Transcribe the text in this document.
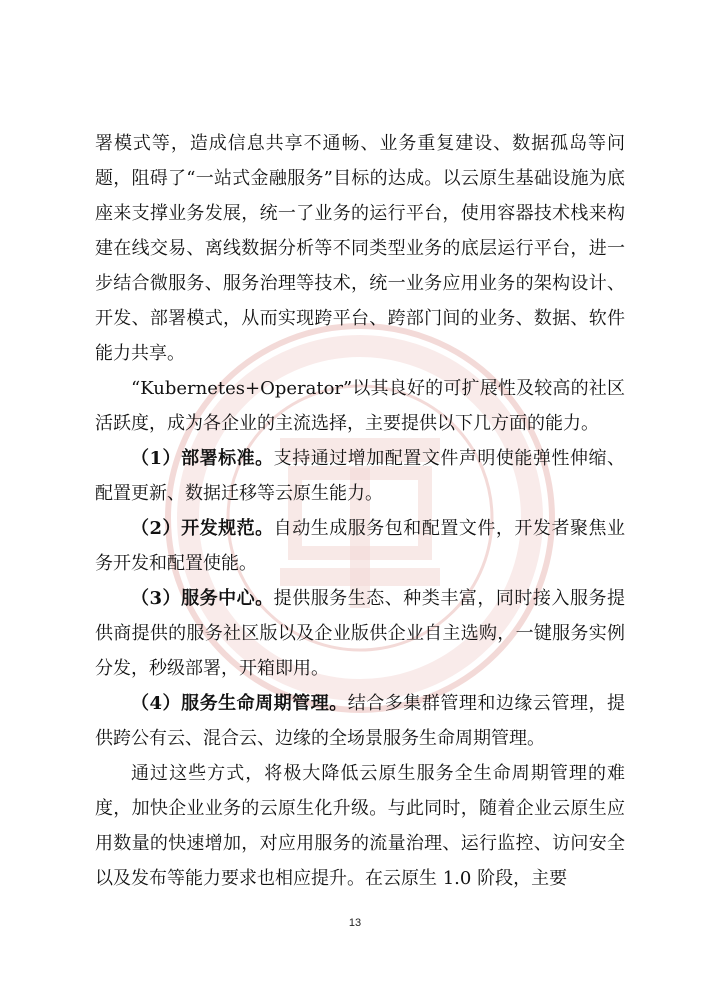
署模式等，造成信息共享不通畅、业务重复建设、数据孤岛等问题，阻碍了“一站式金融服务”目标的达成。以云原生基础设施为底座来支撑业务发展，统一了业务的运行平台，使用容器技术栈来构建在线交易、离线数据分析等不同类型业务的底层运行平台，进一步结合微服务、服务治理等技术，统一业务应用业务的架构设计、开发、部署模式，从而实现跨平台、跨部门间的业务、数据、软件能力共享。

“Kubernetes+Operator”以其良好的可扩展性及较高的社区活跃度，成为各企业的主流选择，主要提供以下几方面的能力。

（1）部署标准。支持通过增加配置文件声明使能弹性伸缩、配置更新、数据迁移等云原生能力。

（2）开发规范。自动生成服务包和配置文件，开发者聚焦业务开发和配置使能。

（3）服务中心。提供服务生态、种类丰富，同时接入服务提供商提供的服务社区版以及企业版供企业自主选购，一键服务实例分发，秒级部署，开箱即用。

（4）服务生命周期管理。结合多集群管理和边缘云管理，提供跨公有云、混合云、边缘的全场景服务生命周期管理。

通过这些方式，将极大降低云原生服务全生命周期管理的难度，加快企业业务的云原生化升级。与此同时，随着企业云原生应用数量的快速增加，对应用服务的流量治理、运行监控、访问安全以及发布等能力要求也相应提升。在云原生 1.0 阶段，主要

13
